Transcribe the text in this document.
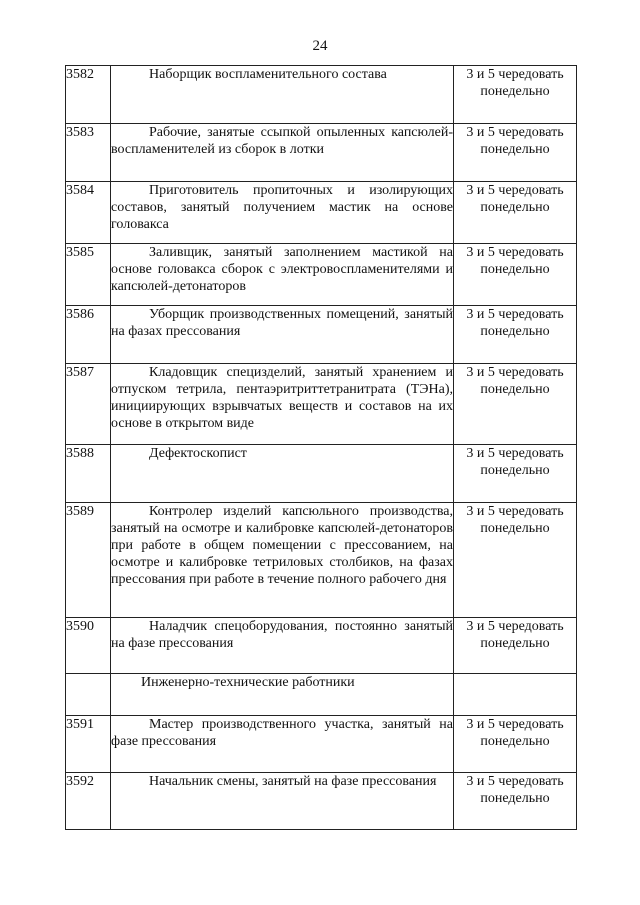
24
3582	Наборщик воспламенительного состава	3 и 5 чередовать понедельно
3583	Рабочие, занятые ссыпкой опыленных капсюлей-воспламенителей из сборок в лотки	3 и 5 чередовать понедельно
3584	Приготовитель пропиточных и изолирующих составов, занятый получением мастик на основе головакса	3 и 5 чередовать понедельно
3585	Заливщик, занятый заполнением мастикой на основе головакса сборок с электровоспламенителями и капсюлей-детонаторов	3 и 5 чередовать понедельно
3586	Уборщик производственных помещений, занятый на фазах прессования	3 и 5 чередовать понедельно
3587	Кладовщик специзделий, занятый хранением и отпуском тетрила, пентаэритриттетранитрата (ТЭНа), инициирующих взрывчатых веществ и составов на их основе в открытом виде	3 и 5 чередовать понедельно
3588	Дефектоскопист	3 и 5 чередовать понедельно
3589	Контролер изделий капсюльного производства, занятый на осмотре и калибровке капсюлей-детонаторов при работе в общем помещении с прессованием, на осмотре и калибровке тетриловых столбиков, на фазах прессования при работе в течение полного рабочего дня	3 и 5 чередовать понедельно
3590	Наладчик спецоборудования, постоянно занятый на фазе прессования	3 и 5 чередовать понедельно
	Инженерно-технические работники	
3591	Мастер производственного участка, занятый на фазе прессования	3 и 5 чередовать понедельно
3592	Начальник смены, занятый на фазе прессования	3 и 5 чередовать понедельно
